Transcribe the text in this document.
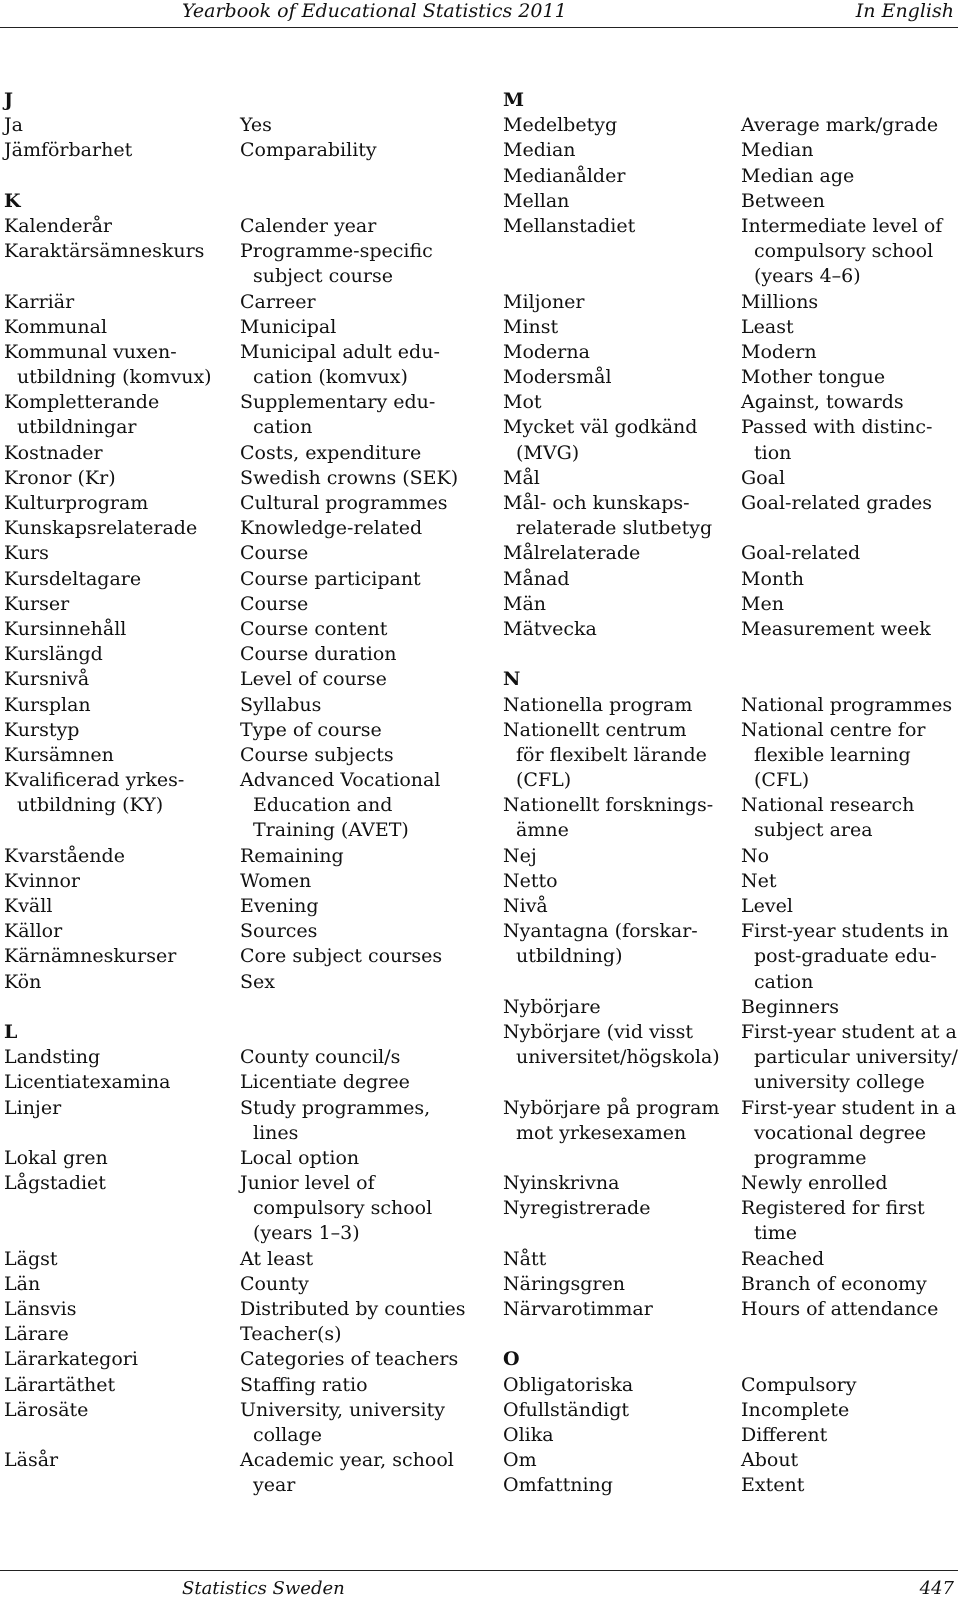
Yearbook of Educational Statistics 2011	In English
J
Ja
Jämförbarhet
K
Kalenderår
Karaktärsämneskurs
Karriär
Kommunal
Kommunal vuxen-
utbildning (komvux)
Kompletterande
utbildningar
Kostnader
Kronor (Kr)
Kulturprogram
Kunskapsrelaterade
Kurs
Kursdeltagare
Kurser
Kursinnehåll
Kurslängd
Kursnivå
Kursplan
Kurstyp
Kursämnen
Kvalificerad yrkes-
utbildning (KY)
Kvarstående
Kvinnor
Kväll
Källor
Kärnämneskurser
Kön
L
Landsting
Licentiatexamina
Linjer
Lokal gren
Lågstadiet
Lägst
Län
Länsvis
Lärare
Lärarkategori
Lärartäthet
Lärosäte
Läsår
Yes
Comparability
Calender year
Programme-specific
subject course
Carreer
Municipal
Municipal adult edu-
cation (komvux)
Supplementary edu-
cation
Costs, expenditure
Swedish crowns (SEK)
Cultural programmes
Knowledge-related
Course
Course participant
Course
Course content
Course duration
Level of course
Syllabus
Type of course
Course subjects
Advanced Vocational
Education and
Training (AVET)
Remaining
Women
Evening
Sources
Core subject courses
Sex
County council/s
Licentiate degree
Study programmes,
lines
Local option
Junior level of
compulsory school
(years 1–3)
At least
County
Distributed by counties
Teacher(s)
Categories of teachers
Staffing ratio
University, university
collage
Academic year, school
year
M
Medelbetyg
Median
Medianålder
Mellan
Mellanstadiet
Miljoner
Minst
Moderna
Modersmål
Mot
Mycket väl godkänd
(MVG)
Mål
Mål- och kunskaps-
relaterade slutbetyg
Målrelaterade
Månad
Män
Mätvecka
N
Nationella program
Nationellt centrum
för flexibelt lärande
(CFL)
Nationellt forsknings-
ämne
Nej
Netto
Nivå
Nyantagna (forskar-
utbildning)
Nybörjare
Nybörjare (vid visst
universitet/högskola)
Nybörjare på program
mot yrkesexamen
Nyinskrivna
Nyregistrerade
Nått
Näringsgren
Närvarotimmar
O
Obligatoriska
Ofullständigt
Olika
Om
Omfattning
Average mark/grade
Median
Median age
Between
Intermediate level of
compulsory school
(years 4–6)
Millions
Least
Modern
Mother tongue
Against, towards
Passed with distinc-
tion
Goal
Goal-related grades
Goal-related
Month
Men
Measurement week
National programmes
National centre for
flexible learning
(CFL)
National research
subject area
No
Net
Level
First-year students in
post-graduate edu-
cation
Beginners
First-year student at a
particular university/
university college
First-year student in a
vocational degree
programme
Newly enrolled
Registered for first
time
Reached
Branch of economy
Hours of attendance
Compulsory
Incomplete
Different
About
Extent
Statistics Sweden	447
